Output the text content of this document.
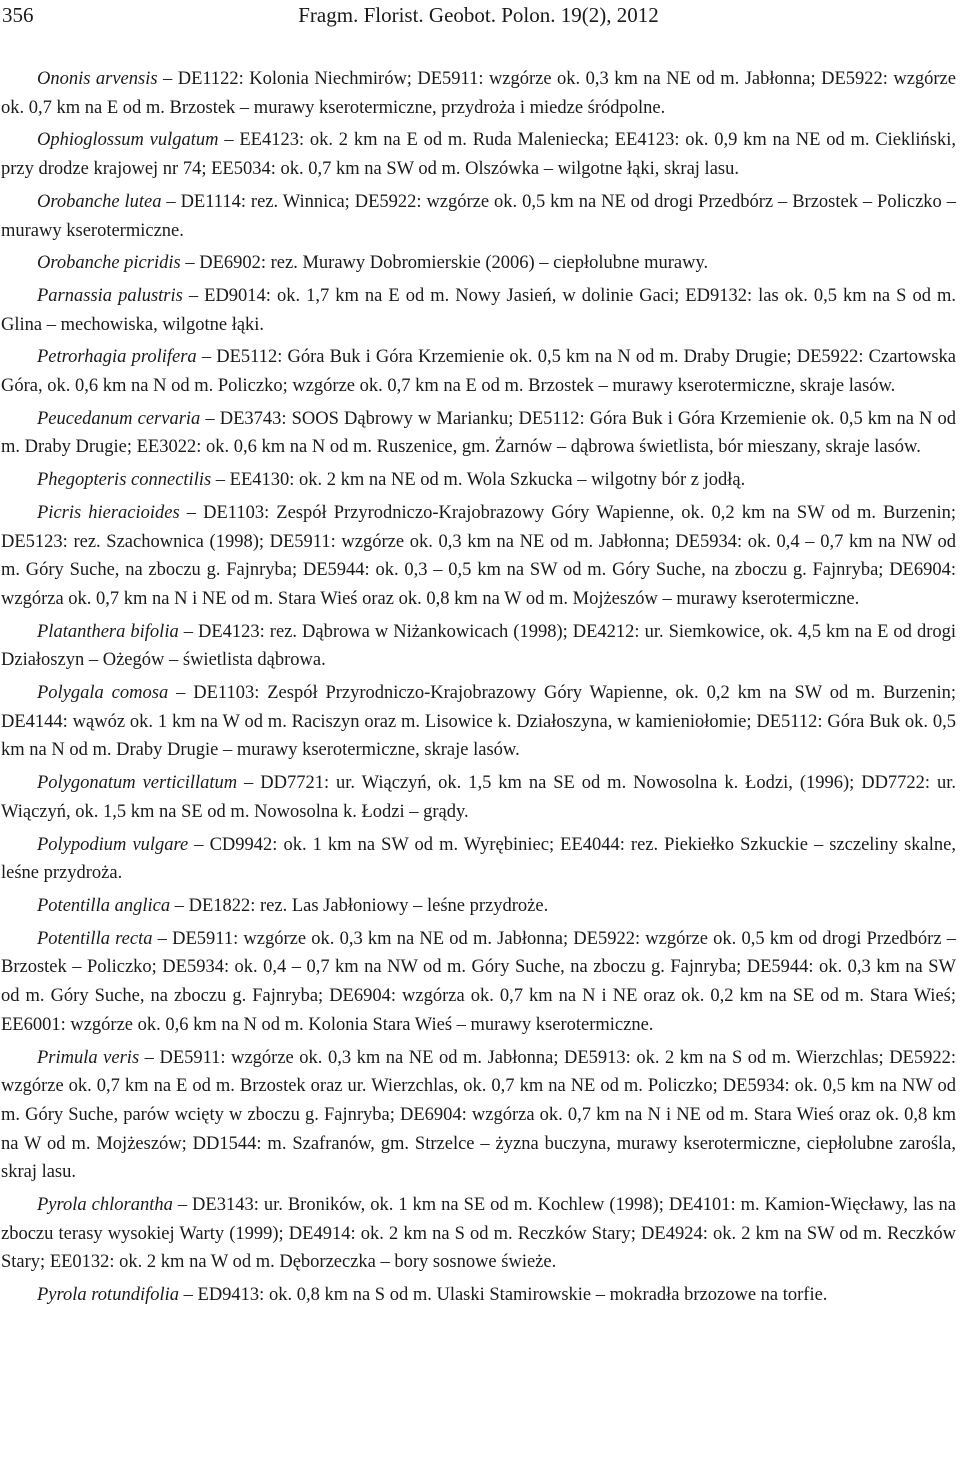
356	Fragm. Florist. Geobot. Polon. 19(2), 2012

Ononis arvensis – DE1122: Kolonia Niechmirów; DE5911: wzgórze ok. 0,3 km na NE od m. Jabłonna; DE5922: wzgórze ok. 0,7 km na E od m. Brzostek – murawy kserotermiczne, przydroża i miedze śródpolne.

Ophioglossum vulgatum – EE4123: ok. 2 km na E od m. Ruda Maleniecka; EE4123: ok. 0,9 km na NE od m. Ciekliński, przy drodze krajowej nr 74; EE5034: ok. 0,7 km na SW od m. Olszówka – wilgotne łąki, skraj lasu.

Orobanche lutea – DE1114: rez. Winnica; DE5922: wzgórze ok. 0,5 km na NE od drogi Przedbórz – Brzostek – Policzko – murawy kserotermiczne.

Orobanche picridis – DE6902: rez. Murawy Dobromierskie (2006) – ciepłolubne murawy.

Parnassia palustris – ED9014: ok. 1,7 km na E od m. Nowy Jasień, w dolinie Gaci; ED9132: las ok. 0,5 km na S od m. Glina – mechowiska, wilgotne łąki.

Petrorhagia prolifera – DE5112: Góra Buk i Góra Krzemienie ok. 0,5 km na N od m. Draby Drugie; DE5922: Czartowska Góra, ok. 0,6 km na N od m. Policzko; wzgórze ok. 0,7 km na E od m. Brzostek – murawy kserotermiczne, skraje lasów.

Peucedanum cervaria – DE3743: SOOS Dąbrowy w Marianku; DE5112: Góra Buk i Góra Krzemienie ok. 0,5 km na N od m. Draby Drugie; EE3022: ok. 0,6 km na N od m. Ruszenice, gm. Żarnów – dąbrowa świetlista, bór mieszany, skraje lasów.

Phegopteris connectilis – EE4130: ok. 2 km na NE od m. Wola Szkucka – wilgotny bór z jodłą.

Picris hieracioides – DE1103: Zespół Przyrodniczo-Krajobrazowy Góry Wapienne, ok. 0,2 km na SW od m. Burzenin; DE5123: rez. Szachownica (1998); DE5911: wzgórze ok. 0,3 km na NE od m. Jabłonna; DE5934: ok. 0,4 – 0,7 km na NW od m. Góry Suche, na zboczu g. Fajnryba; DE5944: ok. 0,3 – 0,5 km na SW od m. Góry Suche, na zboczu g. Fajnryba; DE6904: wzgórza ok. 0,7 km na N i NE od m. Stara Wieś oraz ok. 0,8 km na W od m. Mojżeszów – murawy kserotermiczne.

Platanthera bifolia – DE4123: rez. Dąbrowa w Niżankowicach (1998); DE4212: ur. Siemkowice, ok. 4,5 km na E od drogi Działoszyn – Ożegów – świetlista dąbrowa.

Polygala comosa – DE1103: Zespół Przyrodniczo-Krajobrazowy Góry Wapienne, ok. 0,2 km na SW od m. Burzenin; DE4144: wąwóz ok. 1 km na W od m. Raciszyn oraz m. Lisowice k. Działoszyna, w kamieniołomie; DE5112: Góra Buk ok. 0,5 km na N od m. Draby Drugie – murawy kserotermiczne, skraje lasów.

Polygonatum verticillatum – DD7721: ur. Wiączyń, ok. 1,5 km na SE od m. Nowosolna k. Łodzi, (1996); DD7722: ur. Wiączyń, ok. 1,5 km na SE od m. Nowosolna k. Łodzi – grądy.

Polypodium vulgare – CD9942: ok. 1 km na SW od m. Wyrębiniec; EE4044: rez. Piekiełko Szkuckie – szczeliny skalne, leśne przydroża.

Potentilla anglica – DE1822: rez. Las Jabłoniowy – leśne przydroże.

Potentilla recta – DE5911: wzgórze ok. 0,3 km na NE od m. Jabłonna; DE5922: wzgórze ok. 0,5 km od drogi Przedbórz – Brzostek – Policzko; DE5934: ok. 0,4 – 0,7 km na NW od m. Góry Suche, na zboczu g. Fajnryba; DE5944: ok. 0,3 km na SW od m. Góry Suche, na zboczu g. Fajnryba; DE6904: wzgórza ok. 0,7 km na N i NE oraz ok. 0,2 km na SE od m. Stara Wieś; EE6001: wzgórze ok. 0,6 km na N od m. Kolonia Stara Wieś – murawy kserotermiczne.

Primula veris – DE5911: wzgórze ok. 0,3 km na NE od m. Jabłonna; DE5913: ok. 2 km na S od m. Wierzchlas; DE5922: wzgórze ok. 0,7 km na E od m. Brzostek oraz ur. Wierzchlas, ok. 0,7 km na NE od m. Policzko; DE5934: ok. 0,5 km na NW od m. Góry Suche, parów wcięty w zboczu g. Fajnryba; DE6904: wzgórza ok. 0,7 km na N i NE od m. Stara Wieś oraz ok. 0,8 km na W od m. Mojżeszów; DD1544: m. Szafranów, gm. Strzelce – żyzna buczyna, murawy kserotermiczne, ciepłolubne zarośla, skraj lasu.

Pyrola chlorantha – DE3143: ur. Broników, ok. 1 km na SE od m. Kochlew (1998); DE4101: m. Kamion-Więcławy, las na zboczu terasy wysokiej Warty (1999); DE4914: ok. 2 km na S od m. Reczków Stary; DE4924: ok. 2 km na SW od m. Reczków Stary; EE0132: ok. 2 km na W od m. Dęborzeczka – bory sosnowe świeże.

Pyrola rotundifolia – ED9413: ok. 0,8 km na S od m. Ulaski Stamirowskie – mokradła brzozowe na torfie.
